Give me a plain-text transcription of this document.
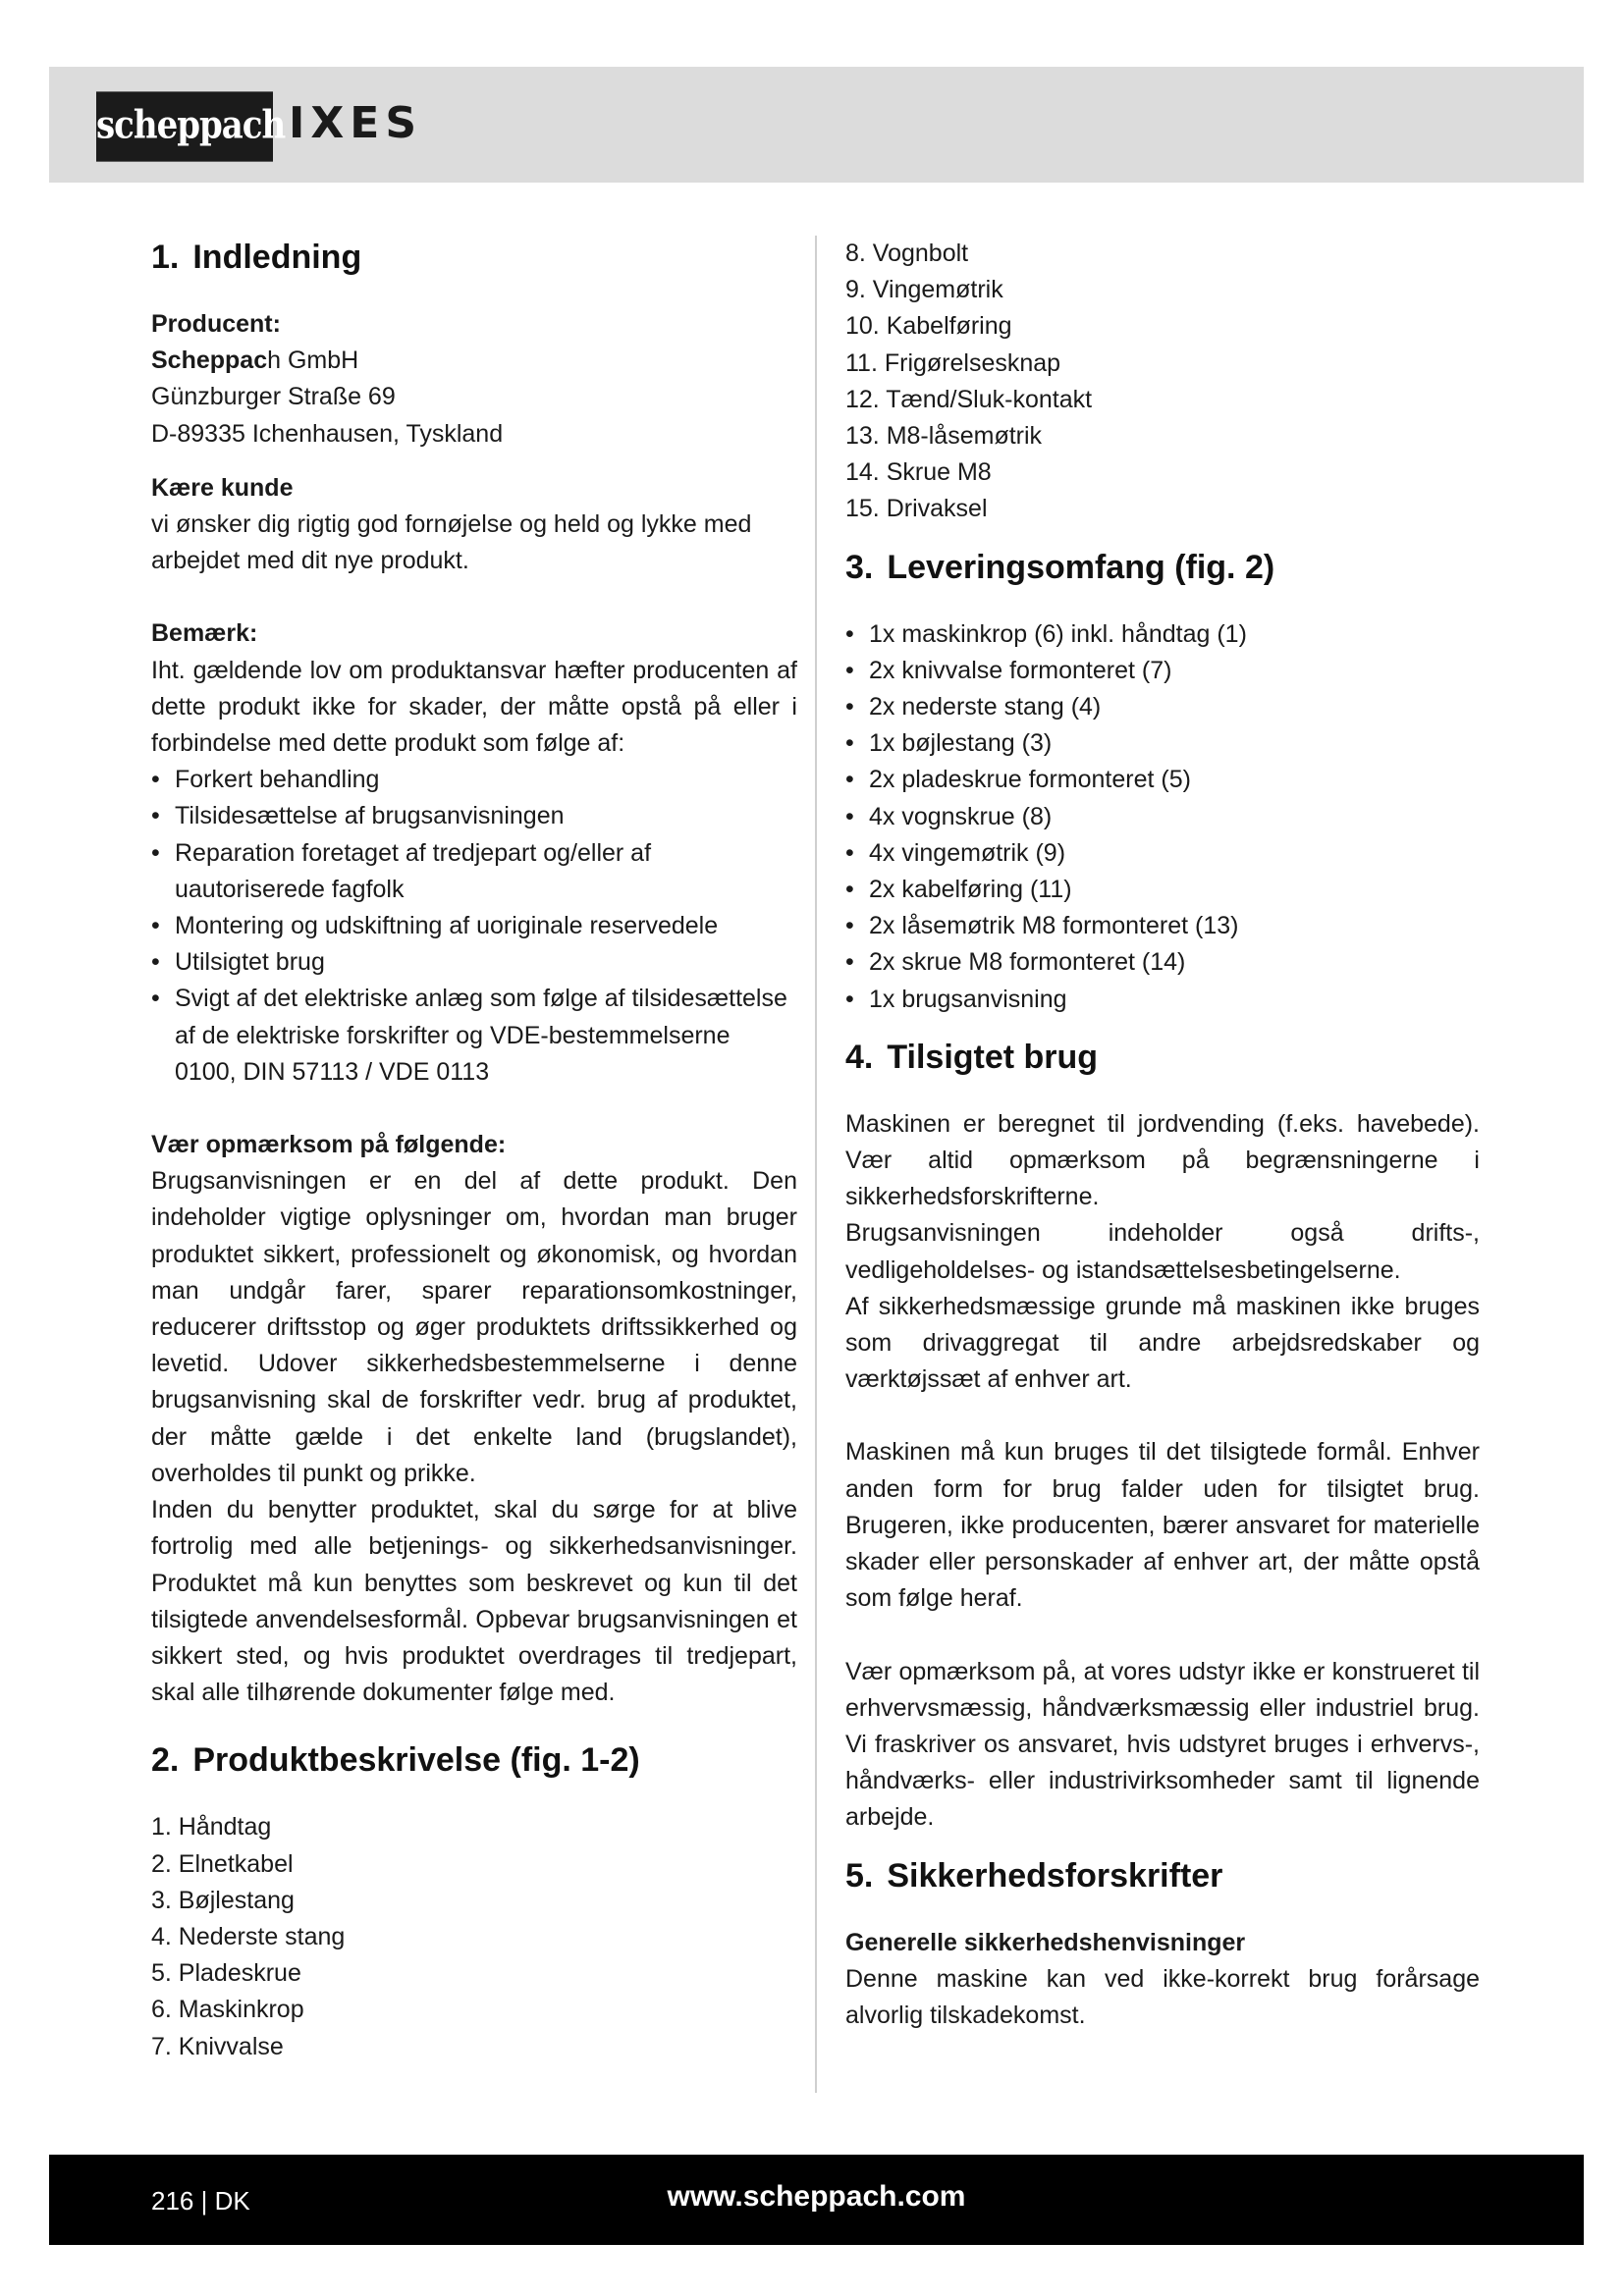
scheppach IXES

1. Indledning

Producent:

Scheppach GmbH

Günzburger Straße 69

D-89335 Ichenhausen, Tyskland

Kære kunde

vi ønsker dig rigtig god fornøjelse og held og lykke med arbejdet med dit nye produkt.

Bemærk:

Iht. gældende lov om produktansvar hæfter producenten af dette produkt ikke for skader, der måtte opstå på eller i forbindelse med dette produkt som følge af:

• Forkert behandling
• Tilsidesættelse af brugsanvisningen
• Reparation foretaget af tredjepart og/eller af uautoriserede fagfolk
• Montering og udskiftning af uoriginale reservedele
• Utilsigtet brug
• Svigt af det elektriske anlæg som følge af tilsidesættelse af de elektriske forskrifter og VDE-bestemmelserne 0100, DIN 57113 / VDE 0113

Vær opmærksom på følgende:

Brugsanvisningen er en del af dette produkt. Den indeholder vigtige oplysninger om, hvordan man bruger produktet sikkert, professionelt og økonomisk, og hvordan man undgår farer, sparer reparationsomkostninger, reducerer driftsstop og øger produktets driftssikkerhed og levetid. Udover sikkerhedsbestemmelserne i denne brugsanvisning skal de forskrifter vedr. brug af produktet, der måtte gælde i det enkelte land (brugslandet), overholdes til punkt og prikke.

Inden du benytter produktet, skal du sørge for at blive fortrolig med alle betjenings- og sikkerhedsanvisninger. Produktet må kun benyttes som beskrevet og kun til det tilsigtede anvendelsesformål. Opbevar brugsanvisningen et sikkert sted, og hvis produktet overdrages til tredjepart, skal alle tilhørende dokumenter følge med.

2. Produktbeskrivelse (fig. 1-2)

1. Håndtag
2. Elnetkabel
3. Bøjlestang
4. Nederste stang
5. Pladeskrue
6. Maskinkrop
7. Knivvalse
8. Vognbolt
9. Vingemøtrik
10. Kabelføring
11. Frigørelsesknap
12. Tænd/Sluk-kontakt
13. M8-låsemøtrik
14. Skrue M8
15. Drivaksel

3. Leveringsomfang (fig. 2)

• 1x maskinkrop (6) inkl. håndtag (1)
• 2x knivvalse formonteret (7)
• 2x nederste stang (4)
• 1x bøjlestang (3)
• 2x pladeskrue formonteret (5)
• 4x vognskrue (8)
• 4x vingemøtrik (9)
• 2x kabelføring (11)
• 2x låsemøtrik M8 formonteret (13)
• 2x skrue M8 formonteret (14)
• 1x brugsanvisning

4. Tilsigtet brug

Maskinen er beregnet til jordvending (f.eks. havebede). Vær altid opmærksom på begrænsningerne i sikkerhedsforskrifterne.

Brugsanvisningen indeholder også drifts-, vedligeholdelses- og istandsættelsesbetingelserne.

Af sikkerhedsmæssige grunde må maskinen ikke bruges som drivaggregat til andre arbejdsredskaber og værktøjssæt af enhver art.

Maskinen må kun bruges til det tilsigtede formål. Enhver anden form for brug falder uden for tilsigtet brug. Brugeren, ikke producenten, bærer ansvaret for materielle skader eller personskader af enhver art, der måtte opstå som følge heraf.

Vær opmærksom på, at vores udstyr ikke er konstrueret til erhvervsmæssig, håndværksmæssig eller industriel brug. Vi fraskriver os ansvaret, hvis udstyret bruges i erhvervs-, håndværks- eller industrivirksomheder samt til lignende arbejde.

5. Sikkerhedsforskrifter

Generelle sikkerhedshenvisninger

Denne maskine kan ved ikke-korrekt brug forårsage alvorlig tilskadekomst.

216 | DK	www.scheppach.com
